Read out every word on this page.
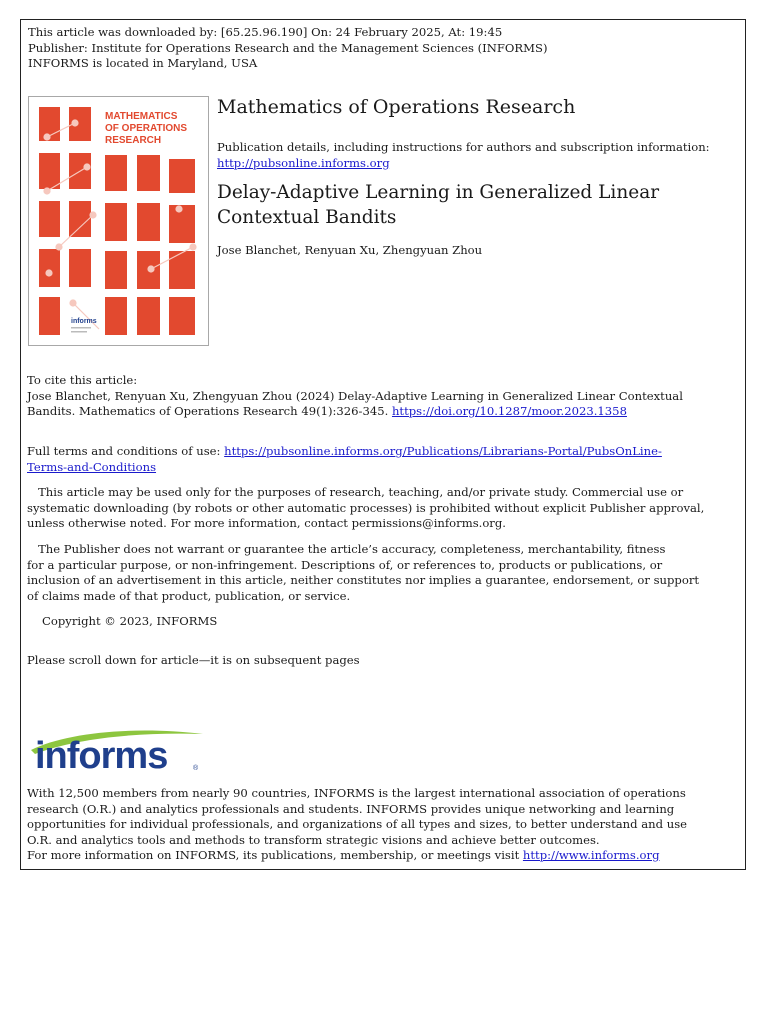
This article was downloaded by: [65.25.96.190] On: 24 February 2025, At: 19:45
Publisher: Institute for Operations Research and the Management Sciences (INFORMS)
INFORMS is located in Maryland, USA
MATHEMATICS
OF OPERATIONS
RESEARCH
informs
Mathematics of Operations Research
Publication details, including instructions for authors and subscription information:
http://pubsonline.informs.org
Delay-Adaptive Learning in Generalized Linear
Contextual Bandits
Jose Blanchet, Renyuan Xu, Zhengyuan Zhou
To cite this article:
Jose Blanchet, Renyuan Xu, Zhengyuan Zhou (2024) Delay-Adaptive Learning in Generalized Linear Contextual
Bandits. Mathematics of Operations Research 49(1):326-345. https://doi.org/10.1287/moor.2023.1358
Full terms and conditions of use: https://pubsonline.informs.org/Publications/Librarians-Portal/PubsOnLine-
Terms-and-Conditions
This article may be used only for the purposes of research, teaching, and/or private study. Commercial use or
systematic downloading (by robots or other automatic processes) is prohibited without explicit Publisher approval,
unless otherwise noted. For more information, contact permissions@informs.org.
The Publisher does not warrant or guarantee the article’s accuracy, completeness, merchantability, fitness
for a particular purpose, or non-infringement. Descriptions of, or references to, products or publications, or
inclusion of an advertisement in this article, neither constitutes nor implies a guarantee, endorsement, or support
of claims made of that product, publication, or service.
Copyright © 2023, INFORMS
Please scroll down for article—it is on subsequent pages
informs	®
With 12,500 members from nearly 90 countries, INFORMS is the largest international association of operations
research (O.R.) and analytics professionals and students. INFORMS provides unique networking and learning
opportunities for individual professionals, and organizations of all types and sizes, to better understand and use
O.R. and analytics tools and methods to transform strategic visions and achieve better outcomes.
For more information on INFORMS, its publications, membership, or meetings visit http://www.informs.org
